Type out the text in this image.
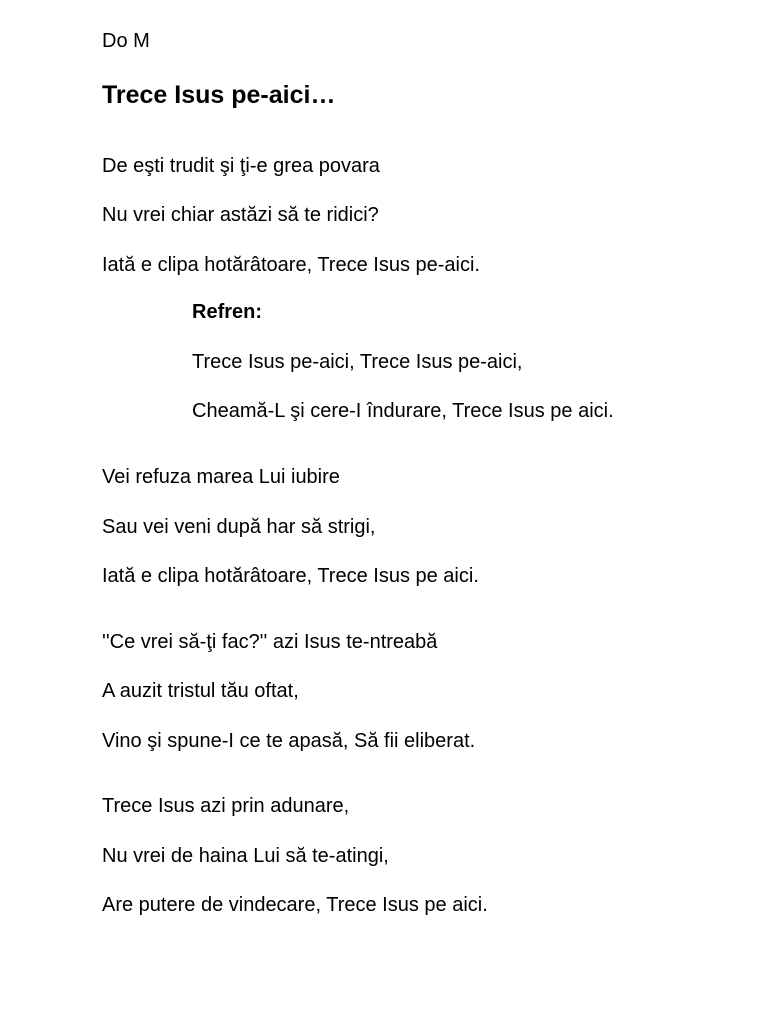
Do M
Trece Isus pe-aici…
De eşti trudit şi ţi-e grea povara
Nu vrei chiar astăzi să te ridici?
Iată e clipa hotărâtoare, Trece Isus pe-aici.
Refren:
Trece Isus pe-aici, Trece Isus pe-aici,
Cheamă-L şi cere-I îndurare, Trece Isus pe aici.
Vei refuza marea Lui iubire
Sau vei veni după har să strigi,
Iată e clipa hotărâtoare, Trece Isus pe aici.
''Ce vrei să-ţi fac?'' azi Isus te-ntreabă
A auzit tristul tău oftat,
Vino şi spune-I ce te apasă, Să fii eliberat.
Trece Isus azi prin adunare,
Nu vrei de haina Lui să te-atingi,
Are putere de vindecare, Trece Isus pe aici.
